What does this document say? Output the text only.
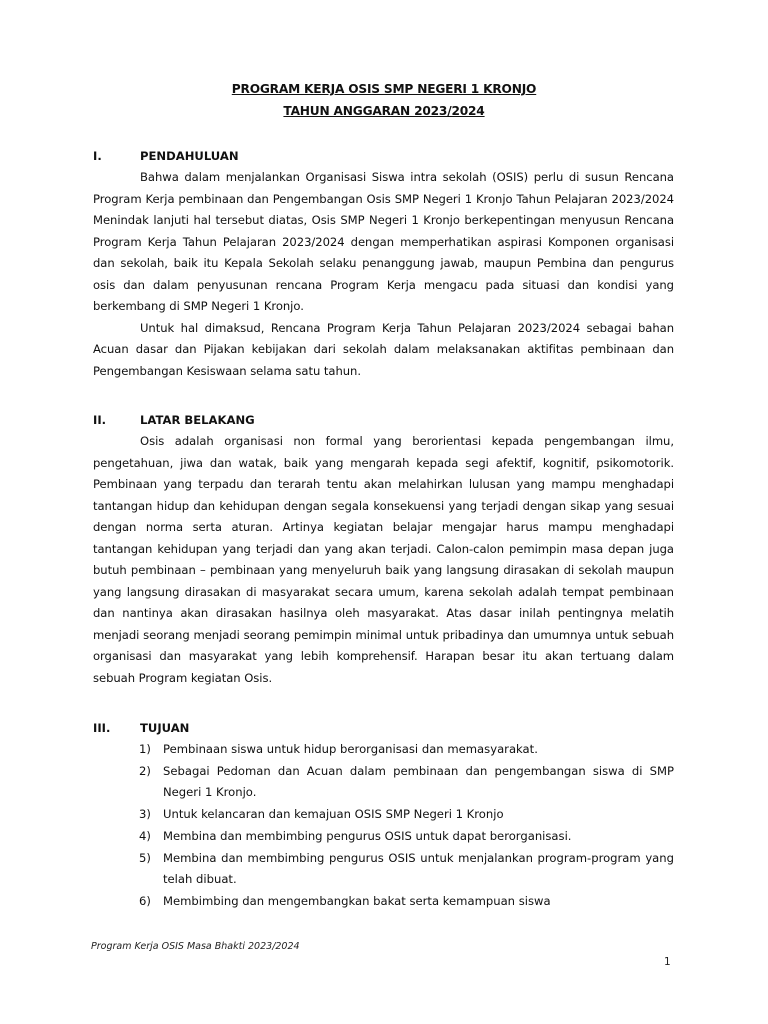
PROGRAM KERJA OSIS SMP NEGERI 1 KRONJO
TAHUN ANGGARAN 2023/2024
I.	PENDAHULUAN

Bahwa dalam menjalankan Organisasi Siswa intra sekolah (OSIS) perlu di susun Rencana Program Kerja pembinaan dan Pengembangan Osis SMP Negeri 1 Kronjo Tahun Pelajaran 2023/2024 Menindak lanjuti hal tersebut diatas, Osis SMP Negeri 1 Kronjo berkepentingan menyusun Rencana Program Kerja Tahun Pelajaran 2023/2024 dengan memperhatikan aspirasi Komponen organisasi dan sekolah, baik itu Kepala Sekolah selaku penanggung jawab, maupun Pembina dan pengurus osis dan dalam penyusunan rencana Program Kerja mengacu pada situasi dan kondisi yang berkembang di SMP Negeri 1 Kronjo.

Untuk hal dimaksud, Rencana Program Kerja Tahun Pelajaran 2023/2024 sebagai bahan Acuan dasar dan Pijakan kebijakan dari sekolah dalam melaksanakan aktifitas pembinaan dan Pengembangan Kesiswaan selama satu tahun.

II.	LATAR BELAKANG

Osis adalah organisasi non formal yang berorientasi kepada pengembangan ilmu, pengetahuan, jiwa dan watak, baik yang mengarah kepada segi afektif, kognitif, psikomotorik. Pembinaan yang terpadu dan terarah tentu akan melahirkan lulusan yang mampu menghadapi tantangan hidup dan kehidupan dengan segala konsekuensi yang terjadi dengan sikap yang sesuai dengan norma serta aturan. Artinya kegiatan belajar mengajar harus mampu menghadapi tantangan kehidupan yang terjadi dan yang akan terjadi. Calon-calon pemimpin masa depan juga butuh pembinaan – pembinaan yang menyeluruh baik yang langsung dirasakan di sekolah maupun yang langsung dirasakan di masyarakat secara umum, karena sekolah adalah tempat pembinaan dan nantinya akan dirasakan hasilnya oleh masyarakat. Atas dasar inilah pentingnya melatih menjadi seorang menjadi seorang pemimpin minimal untuk pribadinya dan umumnya untuk sebuah organisasi dan masyarakat yang lebih komprehensif. Harapan besar itu akan tertuang dalam sebuah Program kegiatan Osis.

III.	TUJUAN
1)	Pembinaan siswa untuk hidup berorganisasi dan memasyarakat.
2)	Sebagai Pedoman dan Acuan dalam pembinaan dan pengembangan siswa di SMP Negeri 1 Kronjo.
3)	Untuk kelancaran dan kemajuan OSIS SMP Negeri 1 Kronjo
4)	Membina dan membimbing pengurus OSIS untuk dapat berorganisasi.
5)	Membina dan membimbing pengurus OSIS untuk menjalankan program-program yang telah dibuat.
6)	Membimbing dan mengembangkan bakat serta kemampuan siswa
Program Kerja OSIS Masa Bhakti 2023/2024
1
